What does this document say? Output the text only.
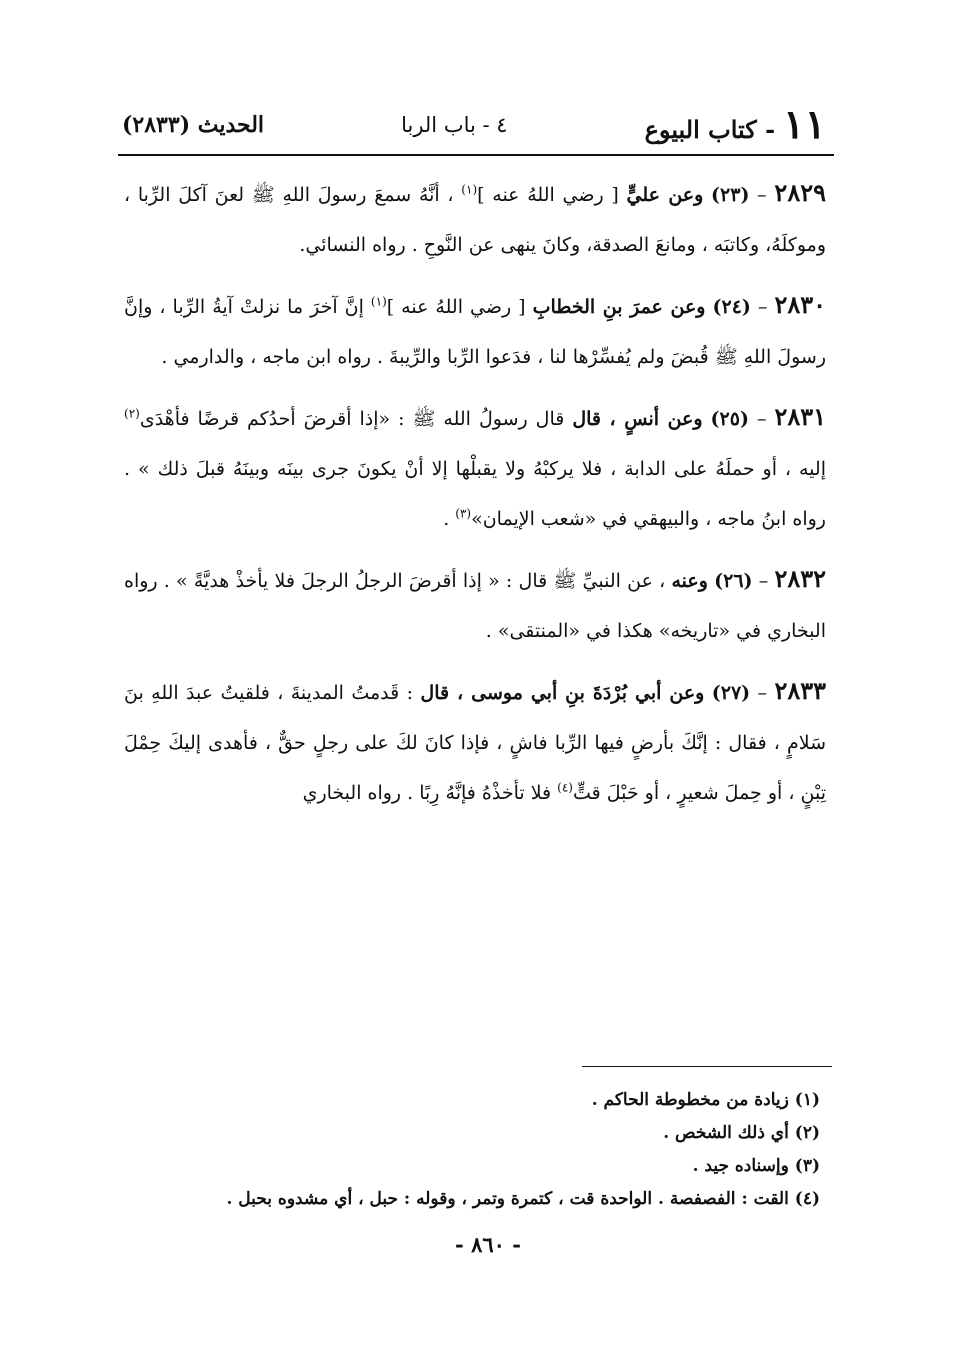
١١
- كتاب البيوع
٤ - باب الربا
الحديث (٢٨٣٣)

٢٨٢٩ – (٢٣) وعن عليٍّ [ رضي اللهُ عنه ]$^{(١)}$ ، أنَّهُ سمعَ رسولَ اللهِ ﷺ لعنَ آكلَ الرِّبا ، وموكلَهُ، وكاتبَه ، ومانعَ الصدقة، وكانَ ينهى عن النَّوحِ . رواه النسائي.

٢٨٣٠ – (٢٤) وعن عمرَ بنِ الخطابِ [ رضي اللهُ عنه ]$^{(١)}$ إنَّ آخرَ ما نزلتْ آيةُ الرِّبا ، وإنَّ رسولَ اللهِ ﷺ قُبضَ ولم يُفسِّرْها لنا ، فدَعوا الرِّبا والرِّيبةَ . رواه ابن ماجه ، والدارمي .

٢٨٣١ – (٢٥) وعن أنسٍ ، قال قال رسولُ الله ﷺ : «إذا أقرضَ أحدُكم قرضًا فأهْدَى$^{(٢)}$ إليه ، أو حملَهُ على الدابة ، فلا يركبْهُ ولا يقبلْها إلا أنْ يكونَ جرى بينَه وبينَهُ قبلَ ذلك » . رواه ابنُ ماجه ، والبيهقي في «شعب الإيمان»$^{(٣)}$ .

٢٨٣٢ – (٢٦) وعنه ، عن النبيِّ ﷺ قال : « إذا أقرضَ الرجلُ الرجلَ فلا يأخذْ هديَّةً » . رواه البخاري في «تاريخه» هكذا في «المنتقى» .

٢٨٣٣ – (٢٧) وعن أبي بُرْدَةَ بنِ أبي موسى ، قال : قَدمتُ المدينةَ ، فلقيتُ عبدَ اللهِ بنَ سَلامٍ ، فقال : إنَّكَ بأرضٍ فيها الرِّبا فاشٍ ، فإذا كانَ لكَ على رجلٍ حقٌّ ، فأهدى إليكَ حِمْلَ تِبْنٍ ، أو حِملَ شعيرٍ ، أو حَبْلَ قتٍّ$^{(٤)}$ فلا تأخذْهُ فإنَّهُ رِبًا . رواه البخاري

(١) زيادة من مخطوطة الحاكم .
(٢) أي ذلك الشخص .
(٣) وإسناده جيد .
(٤) القت : الفصفصة . الواحدة قت ، كتمرة وتمر ، وقوله : حبل ، أي مشدوه بحبل .
- ٨٦٠ -
